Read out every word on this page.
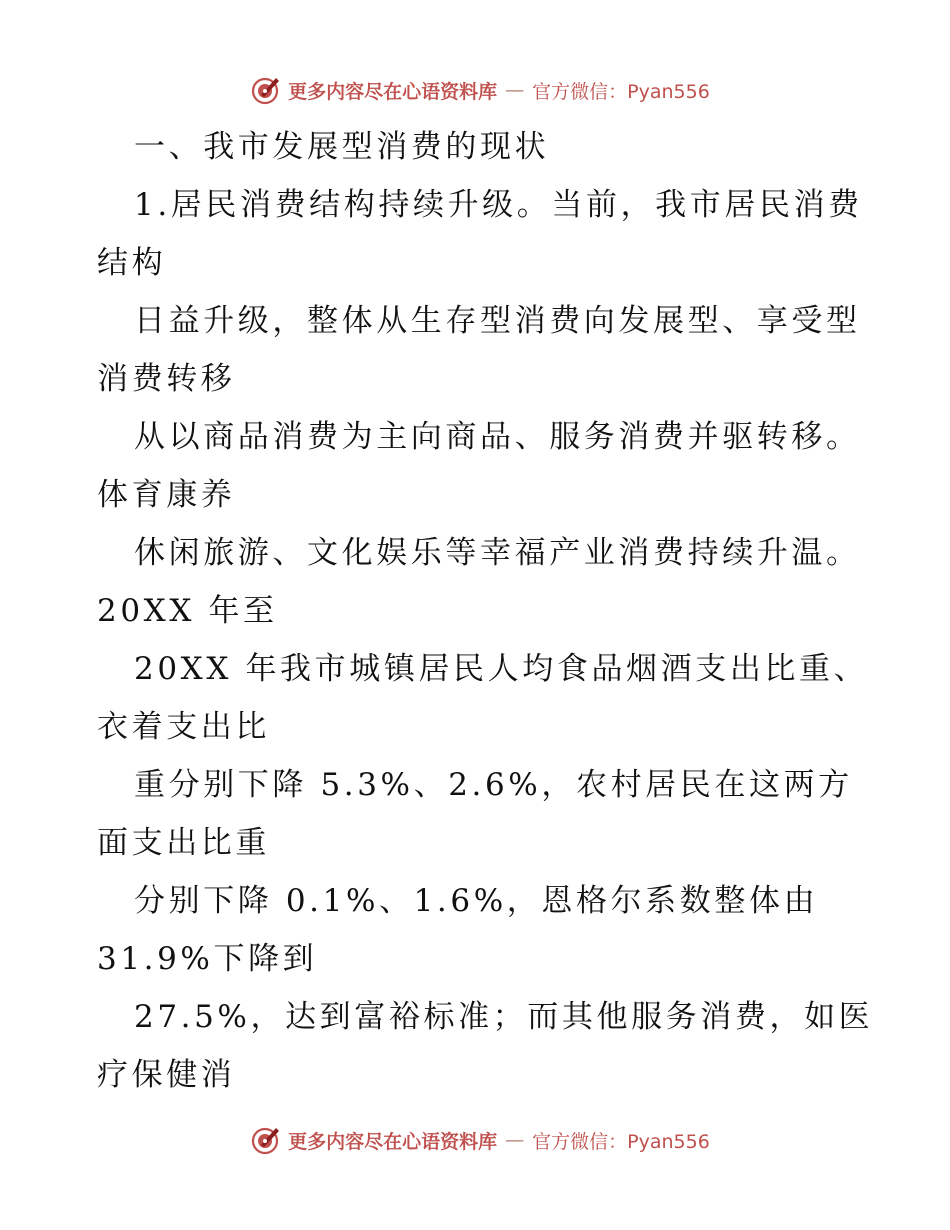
更多内容尽在心语资料库 — 官方微信：Pyan556
一、我市发展型消费的现状
1.居民消费结构持续升级。当前，我市居民消费
结构
日益升级，整体从生存型消费向发展型、享受型
消费转移
从以商品消费为主向商品、服务消费并驱转移。
体育康养
休闲旅游、文化娱乐等幸福产业消费持续升温。
20XX 年至
20XX 年我市城镇居民人均食品烟酒支出比重、
衣着支出比
重分别下降 5.3%、2.6%，农村居民在这两方
面支出比重
分别下降 0.1%、1.6%，恩格尔系数整体由
31.9%下降到
27.5%，达到富裕标准；而其他服务消费，如医
疗保健消
更多内容尽在心语资料库 — 官方微信：Pyan556
